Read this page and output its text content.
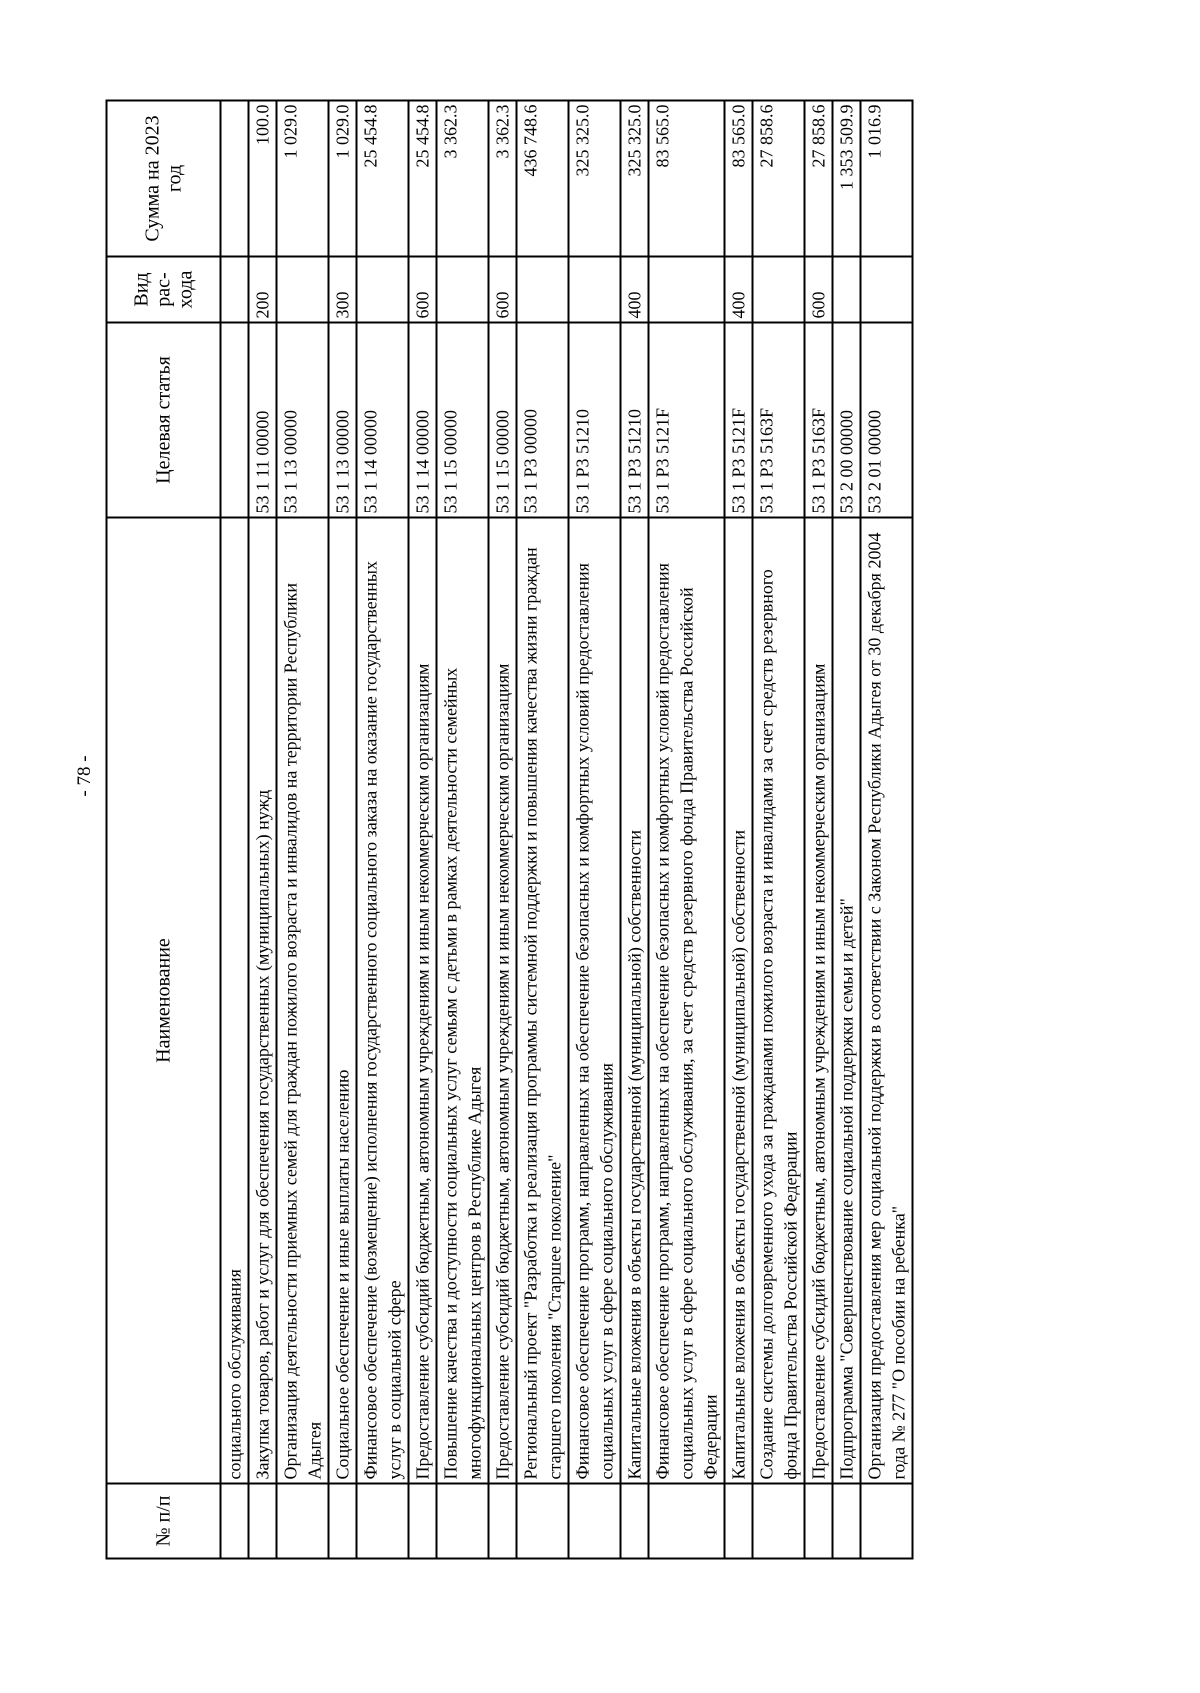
- 78 -
№ п/п	Наименование	Целевая статья	Вид рас-хода	Сумма на 2023 год
	социального обслуживания			
	Закупка товаров, работ и услуг для обеспечения государственных (муниципальных) нужд	53 1 11 00000	200	100.0
	Организация деятельности приемных семей для граждан пожилого возраста и инвалидов на территории Республики Адыгея	53 1 13 00000		1 029.0
	Социальное обеспечение и иные выплаты населению	53 1 13 00000	300	1 029.0
	Финансовое обеспечение (возмещение) исполнения государственного социального заказа на оказание государственных услуг в социальной сфере	53 1 14 00000		25 454.8
	Предоставление субсидий бюджетным, автономным учреждениям и иным некоммерческим организациям	53 1 14 00000	600	25 454.8
	Повышение качества и доступности социальных услуг семьям с детьми в рамках деятельности семейных многофункциональных центров в Республике Адыгея	53 1 15 00000		3 362.3
	Предоставление субсидий бюджетным, автономным учреждениям и иным некоммерческим организациям	53 1 15 00000	600	3 362.3
	Региональный проект "Разработка и реализация программы системной поддержки и повышения качества жизни граждан старшего поколения "Старшее поколение"	53 1 P3 00000		436 748.6
	Финансовое обеспечение программ, направленных на обеспечение безопасных и комфортных условий предоставления социальных услуг в сфере социального обслуживания	53 1 P3 51210		325 325.0
	Капитальные вложения в объекты государственной (муниципальной) собственности	53 1 P3 51210	400	325 325.0
	Финансовое обеспечение программ, направленных на обеспечение безопасных и комфортных условий предоставления социальных услуг в сфере социального обслуживания, за счет средств резервного фонда Правительства Российской Федерации	53 1 P3 5121F		83 565.0
	Капитальные вложения в объекты государственной (муниципальной) собственности	53 1 P3 5121F	400	83 565.0
	Создание системы долговременного ухода за гражданами пожилого возраста и инвалидами за счет средств резервного фонда Правительства Российской Федерации	53 1 P3 5163F		27 858.6
	Предоставление субсидий бюджетным, автономным учреждениям и иным некоммерческим организациям	53 1 P3 5163F	600	27 858.6
	Подпрограмма "Совершенствование социальной поддержки семьи и детей"	53 2 00 00000		1 353 509.9
	Организация предоставления мер социальной поддержки в соответствии с Законом Республики Адыгея от 30 декабря 2004 года № 277 "О пособии на ребенка"	53 2 01 00000		1 016.9
